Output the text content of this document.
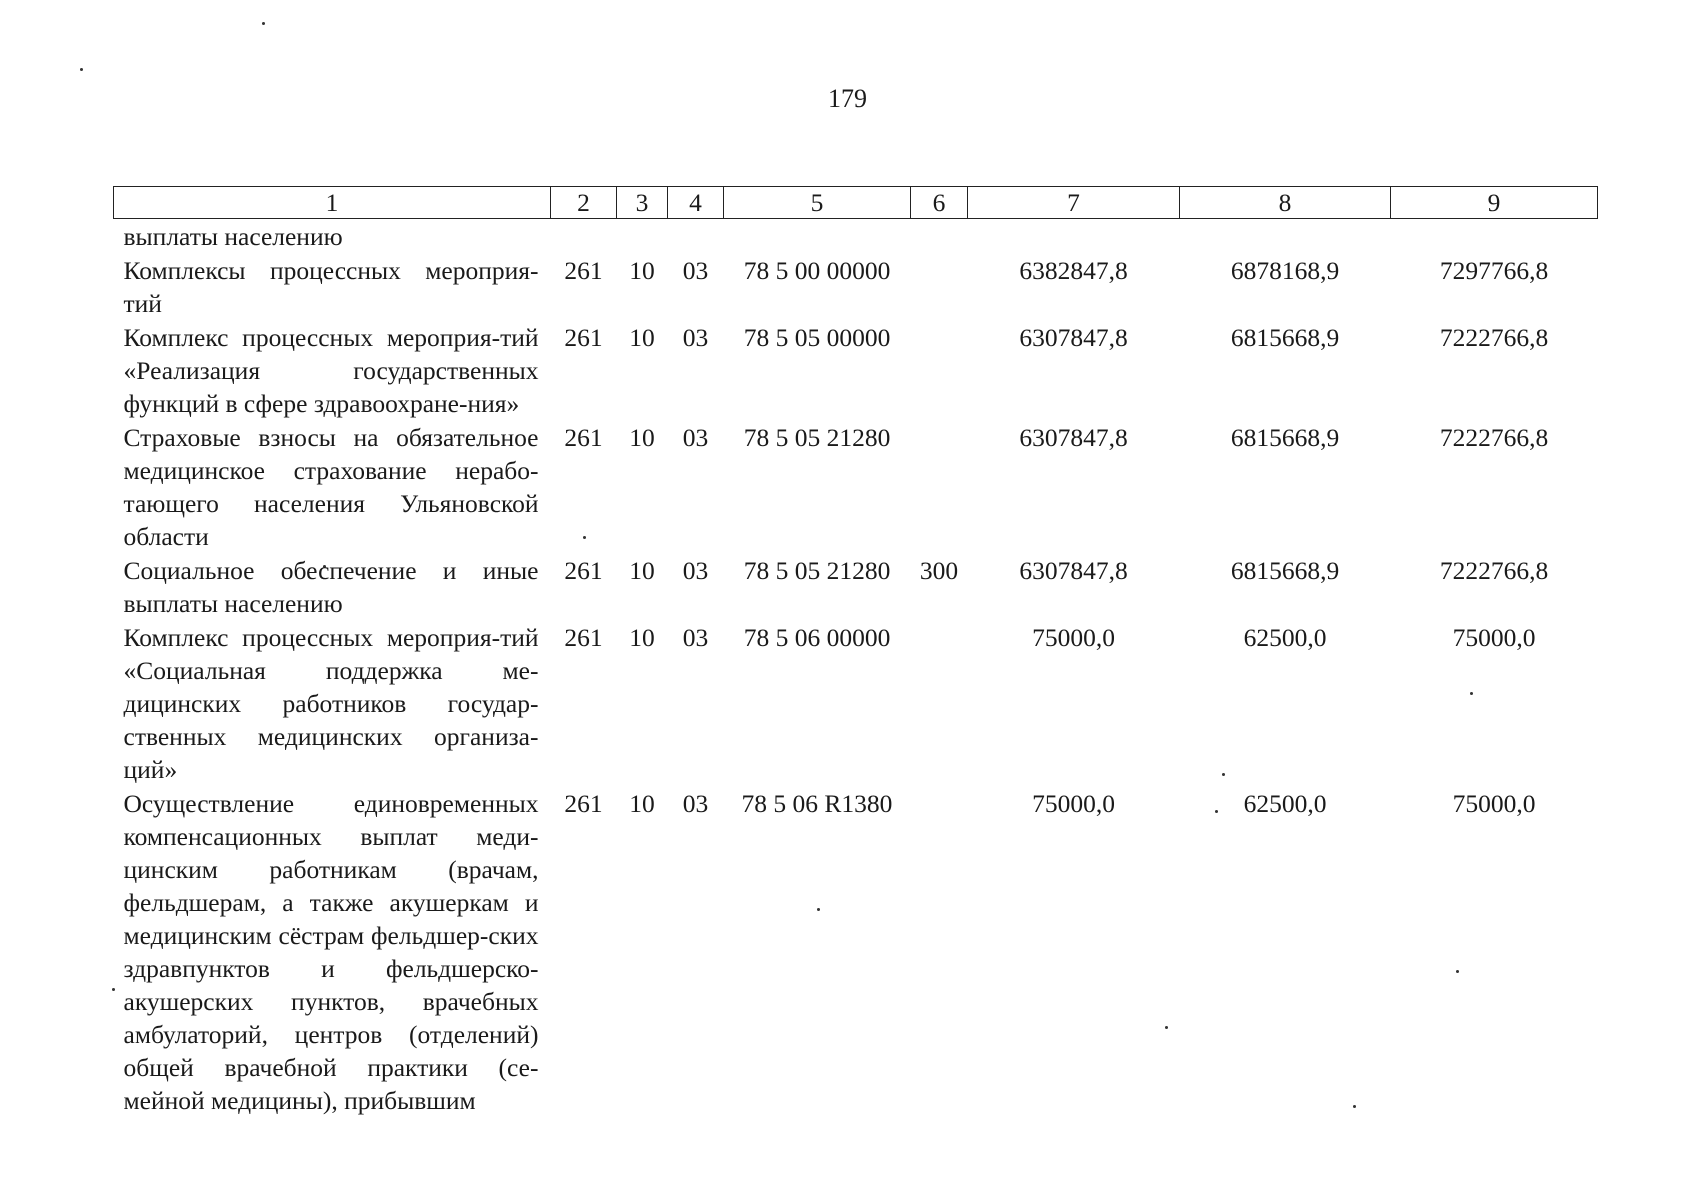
179
1	2	3	4	5	6	7	8	9
выплаты населению								
Комплексы процессных мероприя-тий	261	10	03	78 5 00 00000		6382847,8	6878168,9	7297766,8
Комплекс процессных мероприя-тий «Реализация государственных функций в сфере здравоохране-ния»	261	10	03	78 5 05 00000		6307847,8	6815668,9	7222766,8
Страховые взносы на обязательное медицинское страхование нерабо-тающего населения Ульяновской области	261	10	03	78 5 05 21280		6307847,8	6815668,9	7222766,8
Социальное обеспечение и иные выплаты населению	261	10	03	78 5 05 21280	300	6307847,8	6815668,9	7222766,8
Комплекс процессных мероприя-тий «Социальная поддержка ме-дицинских работников государ-ственных медицинских организа-ций»	261	10	03	78 5 06 00000		75000,0	62500,0	75000,0
Осуществление единовременных компенсационных выплат меди-цинским работникам (врачам, фельдшерам, а также акушеркам и медицинским сёстрам фельдшер-ских здравпунктов и фельдшерско-акушерских пунктов, врачебных амбулаторий, центров (отделений) общей врачебной практики (се-мейной медицины), прибывшим	261	10	03	78 5 06 R1380		75000,0	62500,0	75000,0
